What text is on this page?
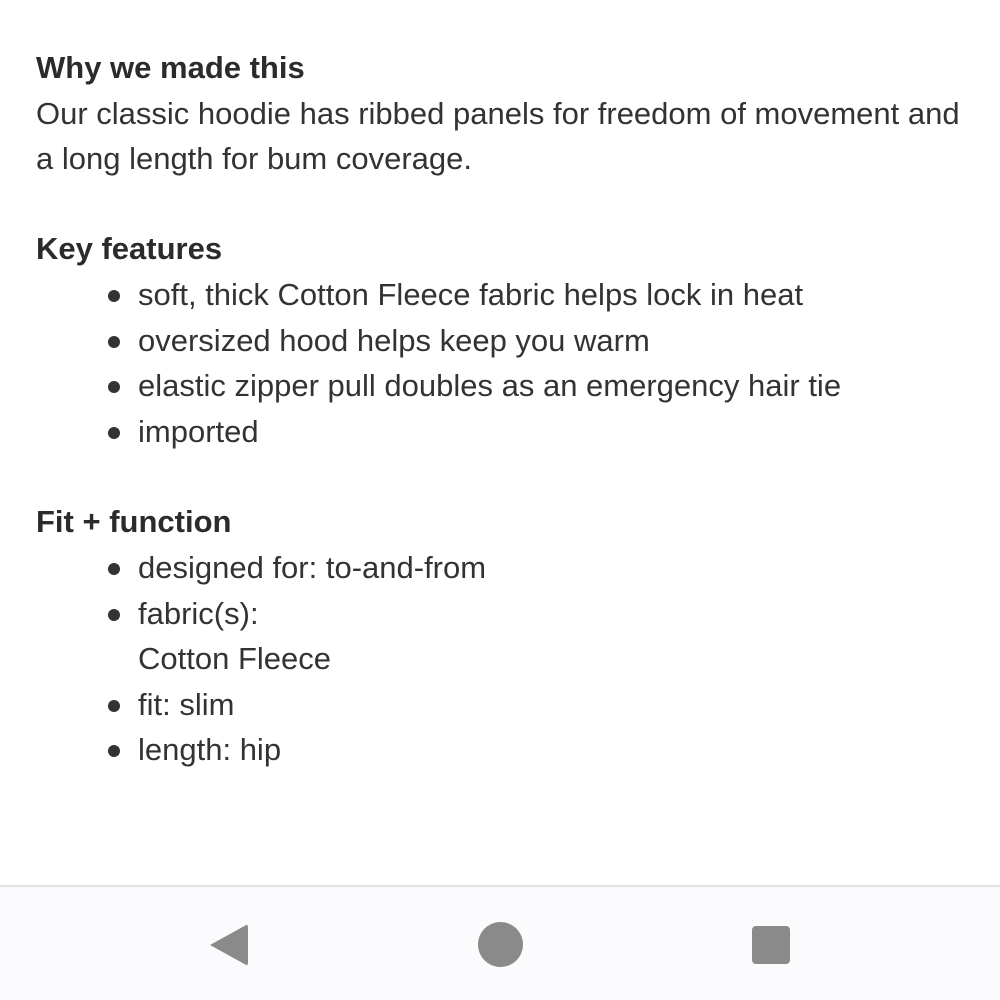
Why we made this

Our classic hoodie has ribbed panels for freedom of movement and a long length for bum coverage.

Key features

soft, thick Cotton Fleece fabric helps lock in heat
oversized hood helps keep you warm
elastic zipper pull doubles as an emergency hair tie
imported

Fit + function

designed for: to-and-from
fabric(s):
Cotton Fleece
fit: slim
length: hip
